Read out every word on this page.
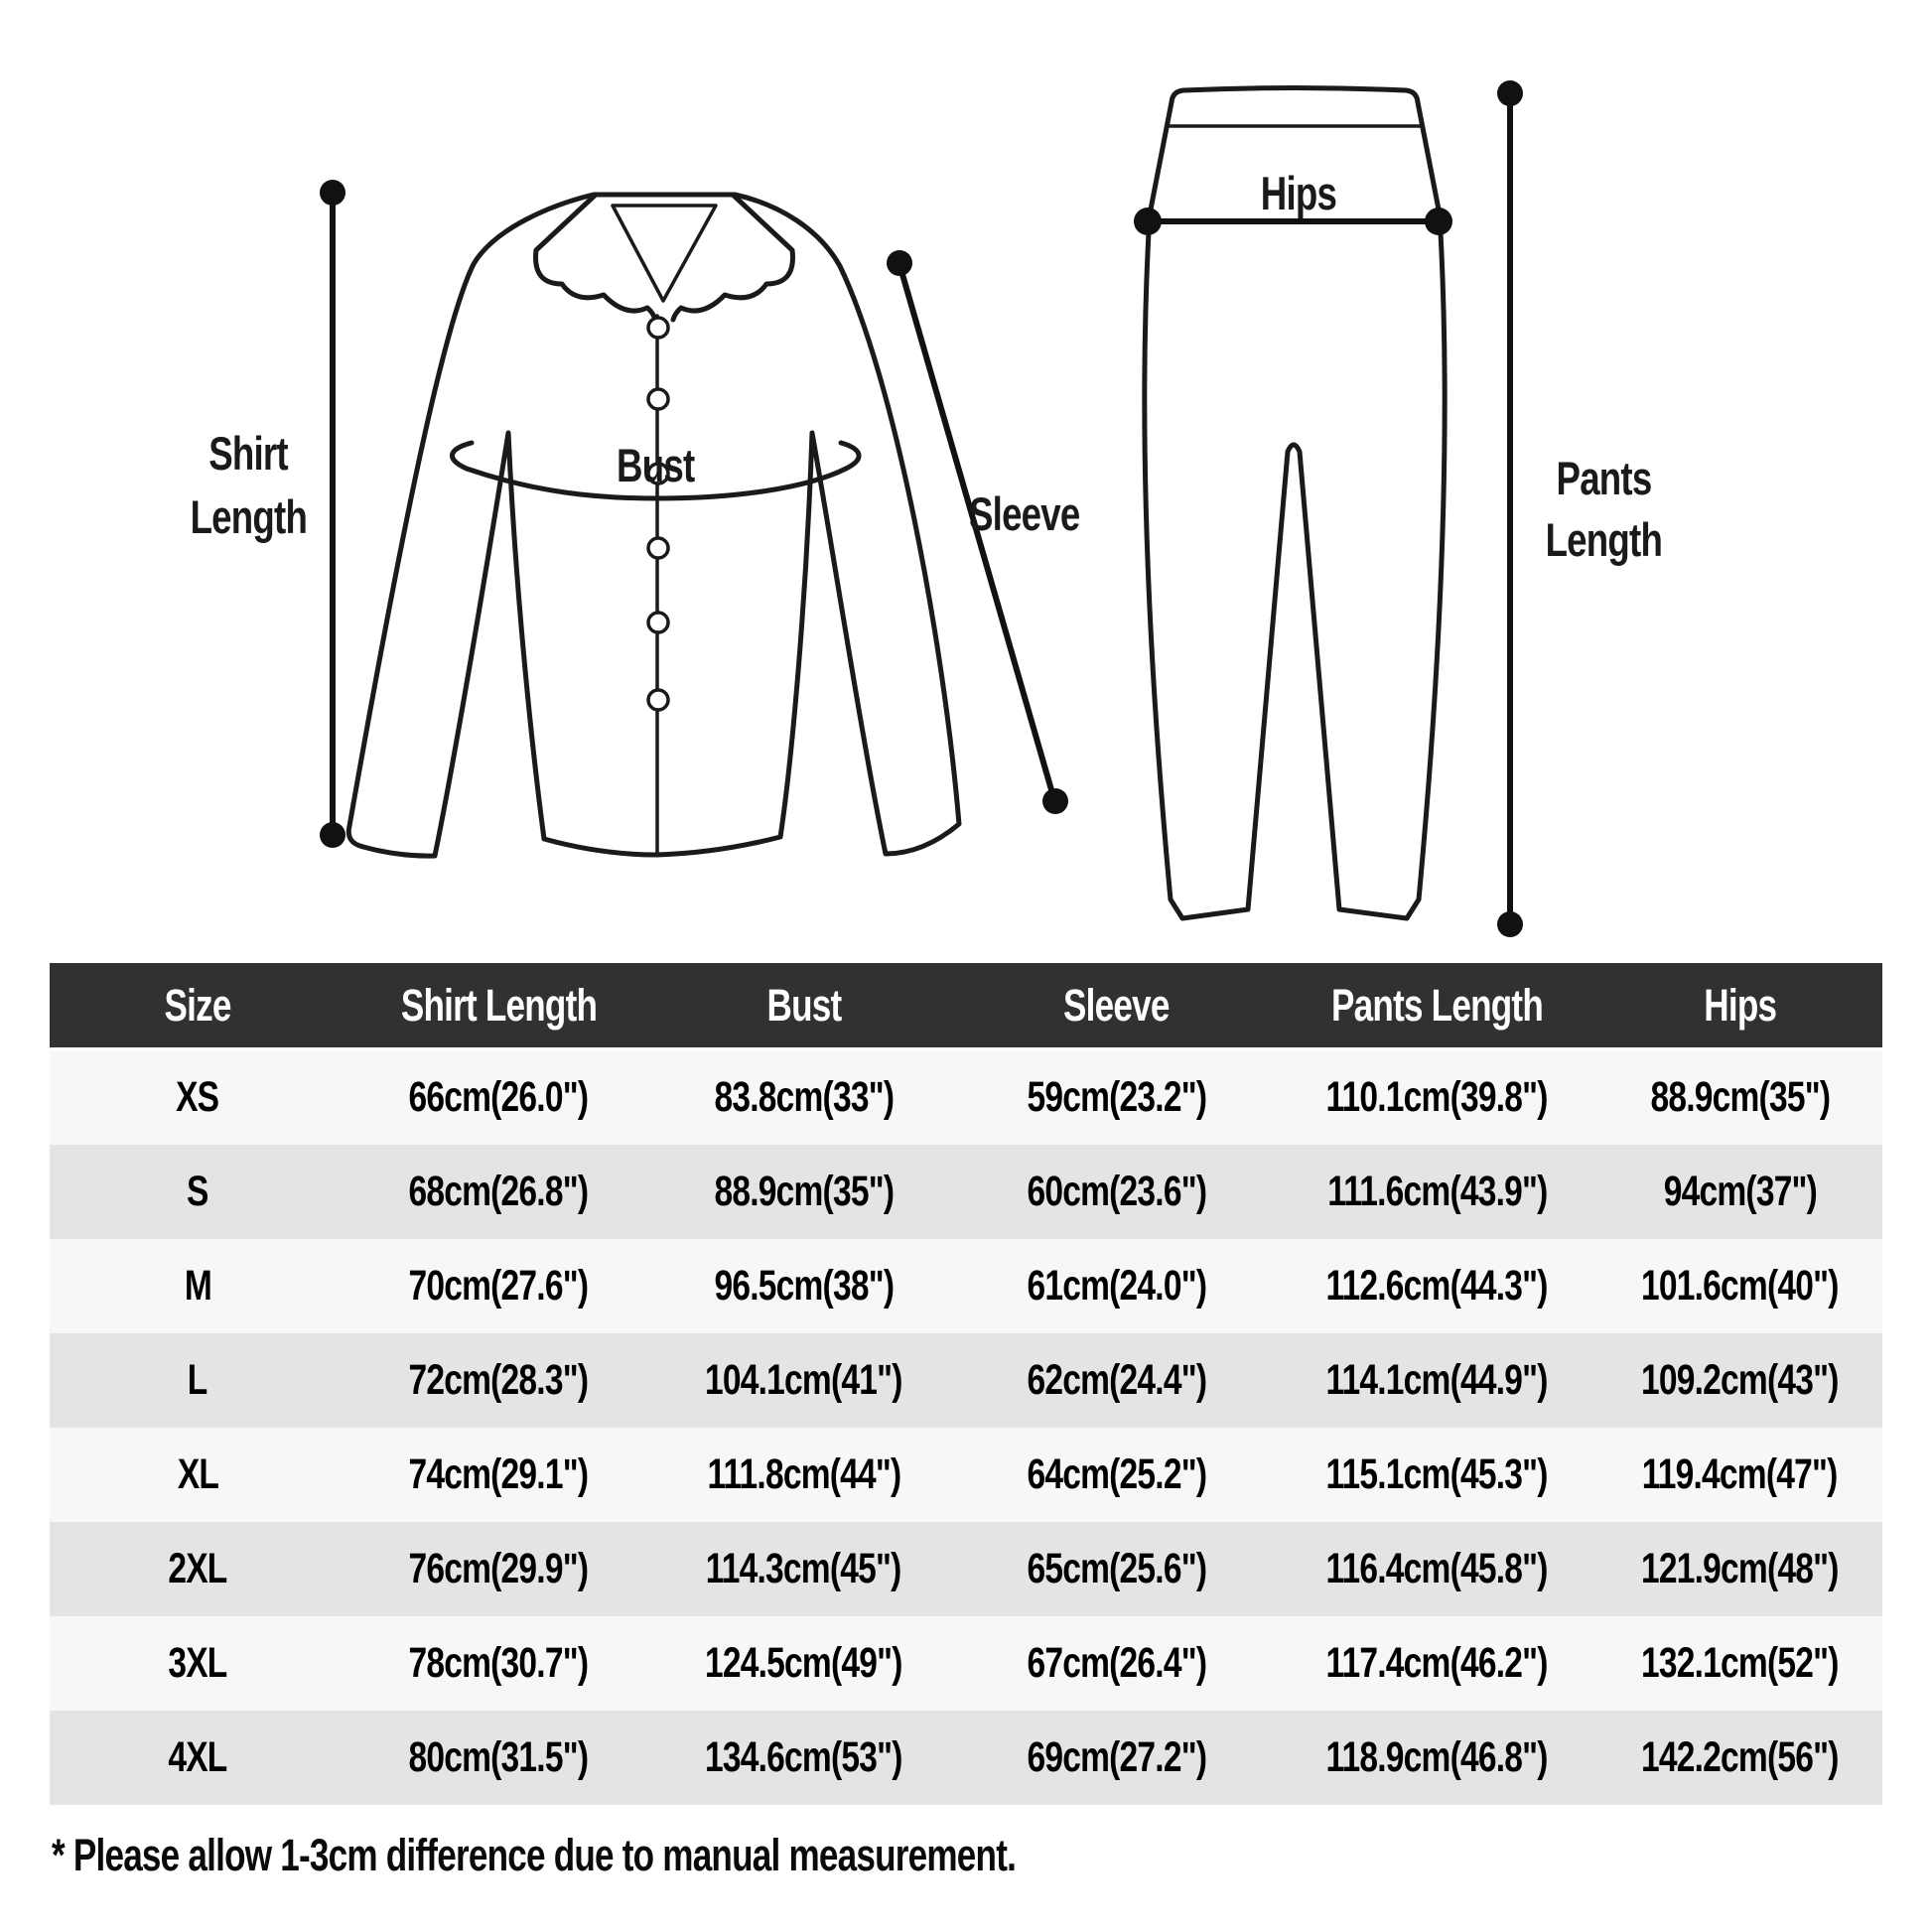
Shirt
Length
Bust
Sleeve
Hips
Pants
Length
Size	Shirt Length	Bust	Sleeve	Pants Length	Hips
XS	66cm(26.0")	83.8cm(33")	59cm(23.2")	110.1cm(39.8")	88.9cm(35")
S	68cm(26.8")	88.9cm(35")	60cm(23.6")	111.6cm(43.9")	94cm(37")
M	70cm(27.6")	96.5cm(38")	61cm(24.0")	112.6cm(44.3")	101.6cm(40")
L	72cm(28.3")	104.1cm(41")	62cm(24.4")	114.1cm(44.9")	109.2cm(43")
XL	74cm(29.1")	111.8cm(44")	64cm(25.2")	115.1cm(45.3")	119.4cm(47")
2XL	76cm(29.9")	114.3cm(45")	65cm(25.6")	116.4cm(45.8")	121.9cm(48")
3XL	78cm(30.7")	124.5cm(49")	67cm(26.4")	117.4cm(46.2")	132.1cm(52")
4XL	80cm(31.5")	134.6cm(53")	69cm(27.2")	118.9cm(46.8")	142.2cm(56")
* Please allow 1-3cm difference due to manual measurement.
